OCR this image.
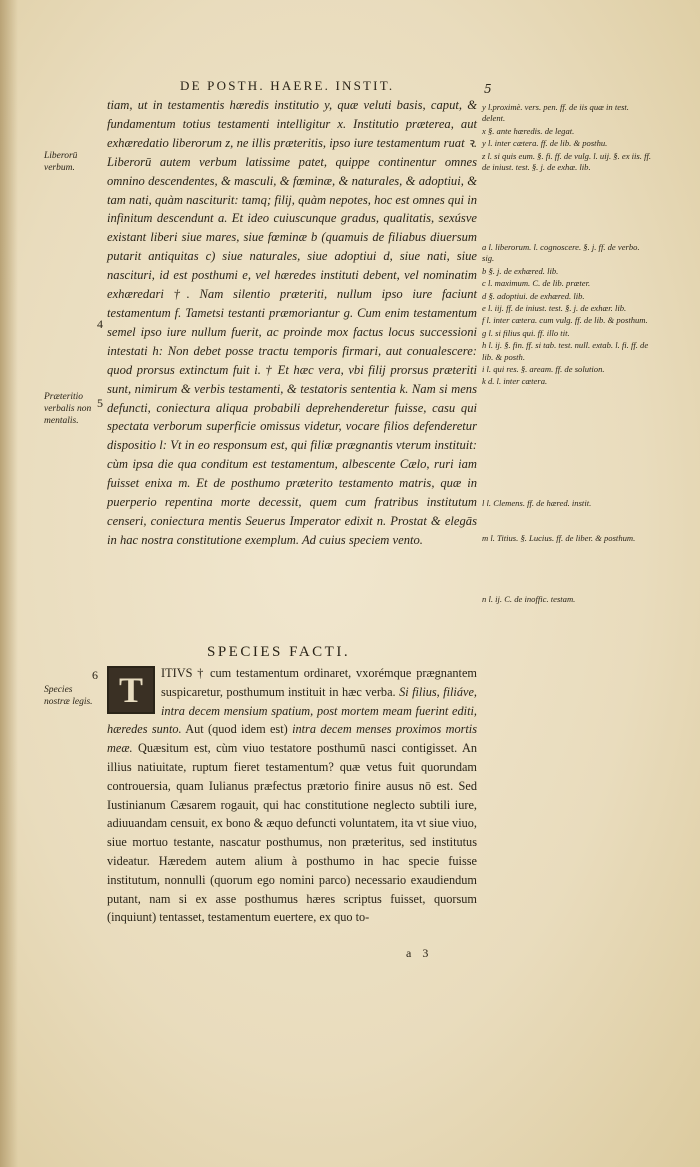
DE POSTH. HAERE. INSTIT.	5
Liberorū verbum.
Præteritio verbalis non mentalis.
Species nostræ legis.
4
5
6

tiam, ut in testamentis hæredis institutio y, quæ veluti basis, caput, & fundamentum totius testamenti intelligitur x. Institutio præterea, aut exhæredatio liberorum z, ne illis præteritis, ipso iure testamentum ruat ꝛ. Liberorū autem verbum latissime patet, quippe continentur omnes omnino descendentes, & masculi, & fœminæ, & naturales, & adoptiui, & tam nati, quàm nasciturit: tamq; filij, quàm nepotes, hoc est omnes qui in infinitum descendunt a. Et ideo cuiuscunque gradus, qualitatis, sexúsve existant liberi siue mares, siue fœminæ b (quamuis de filiabus diuersum putarit antiquitas c) siue naturales, siue adoptiui d, siue nati, siue nascituri, id est posthumi e, vel hæredes instituti debent, vel nominatim exhæredari †. Nam silentio præteriti, nullum ipso iure faciunt testamentum f. Tametsi testanti præmoriantur g. Cum enim testamentum semel ipso iure nullum fuerit, ac proinde mox factus locus successioni intestati h: Non debet posse tractu temporis firmari, aut conualescere: quod prorsus extinctum fuit i. † Et hæc vera, vbi filij prorsus præteriti sunt, nimirum & verbis testamenti, & testatoris sententia k. Nam si mens defuncti, coniectura aliqua probabili deprehenderetur fuisse, casu qui spectata verborum superficie omissus videtur, vocare filios defenderetur dispositio l: Vt in eo responsum est, qui filiæ prægnantis vterum instituit: cùm ipsa die qua conditum est testamentum, albescente Cælo, ruri iam fuisset enixa m. Et de posthumo præterito testamento matris, quæ in puerperio repentina morte decessit, quem cum fratribus institutum censeri, coniectura mentis Seuerus Imperator edixit n. Prostat & elegās in hac nostra constitutione exemplum. Ad cuius speciem vento.

SPECIES FACTI.

T	ITIVS † cum testamentum ordinaret, vxorémque prægnantem suspicaretur, posthumum instituit in hæc verba. Si filius, filiáve, intra decem mensium spatium, post mortem meam fuerint editi, hæredes sunto. Aut (quod idem est) intra decem menses proximos mortis meæ. Quæsitum est, cùm viuo testatore posthumū nasci contigisset. An illius natiuitate, ruptum fieret testamentum? quæ vetus fuit quorundam controuersia, quam Iulianus præfectus prætorio finire ausus nō est. Sed Iustinianum Cæsarem rogauit, qui hac constitutione neglecto subtili iure, adiuuandam censuit, ex bono & æquo defuncti voluntatem, ita vt siue viuo, siue mortuo testante, nascatur posthumus, non præteritus, sed institutus videatur. Hæredem autem alium à posthumo in hac specie fuisse institutum, nonnulli (quorum ego nomini parco) necessario exaudiendum putant, nam si ex asse posthumus hæres scriptus fuisset, quorsum (inquiunt) tentasset, testamentum euertere, ex quo to-

y l.proximè. vers. pen. ff. de iis quæ in test. delent.
x §. ante hæredis. de legat.
y l. inter cætera. ff. de lib. & posthu.
z l. si quis eum. §. fi. ff. de vulg. l. uij. §. ex iis. ff. de iniust. test. §. j. de exhæ. lib.
a l. liberorum. l. cognoscere. §. j. ff. de verbo. sig.
b §. j. de exhæred. lib.
c l. maximum. C. de lib. præter.
d §. adoptiui. de exhæred. lib.
e l. iij. ff. de iniust. test. §. j. de exhær. lib.
f l. inter cætera. cum vulg. ff. de lib. & posthum.
g l. si filius qui. ff. illo tit.
h l. ij. §. fin. ff. si tab. test. null. extab. l. fi. ff. de lib. & posth.
i l. qui res. §. aream. ff. de solution.
k d. l. inter cætera.
l l. Clemens. ff. de hæred. instit.
m l. Titius. §. Lucius. ff. de liber. & posthum.
n l. ij. C. de inoffic. testam.
a 3
